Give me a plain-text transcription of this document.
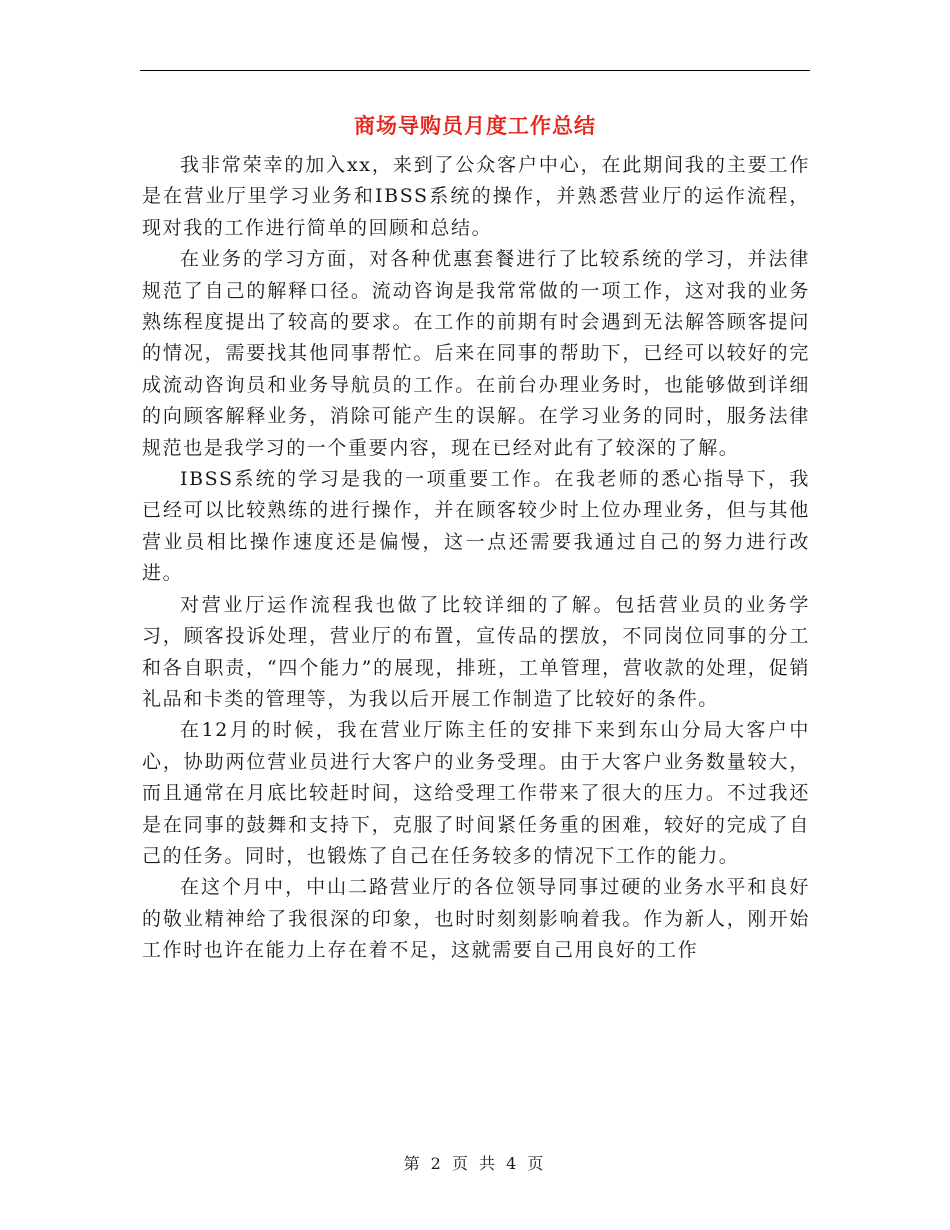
商场导购员月度工作总结

我非常荣幸的加入xx，来到了公众客户中心，在此期间我的主要工作是在营业厅里学习业务和IBSS系统的操作，并熟悉营业厅的运作流程，现对我的工作进行简单的回顾和总结。

在业务的学习方面，对各种优惠套餐进行了比较系统的学习，并法律规范了自己的解释口径。流动咨询是我常常做的一项工作，这对我的业务熟练程度提出了较高的要求。在工作的前期有时会遇到无法解答顾客提问的情况，需要找其他同事帮忙。后来在同事的帮助下，已经可以较好的完成流动咨询员和业务导航员的工作。在前台办理业务时，也能够做到详细的向顾客解释业务，消除可能产生的误解。在学习业务的同时，服务法律规范也是我学习的一个重要内容，现在已经对此有了较深的了解。

IBSS系统的学习是我的一项重要工作。在我老师的悉心指导下，我已经可以比较熟练的进行操作，并在顾客较少时上位办理业务，但与其他营业员相比操作速度还是偏慢，这一点还需要我通过自己的努力进行改进。

对营业厅运作流程我也做了比较详细的了解。包括营业员的业务学习，顾客投诉处理，营业厅的布置，宣传品的摆放，不同岗位同事的分工和各自职责，“四个能力”的展现，排班，工单管理，营收款的处理，促销礼品和卡类的管理等，为我以后开展工作制造了比较好的条件。

在12月的时候，我在营业厅陈主任的安排下来到东山分局大客户中心，协助两位营业员进行大客户的业务受理。由于大客户业务数量较大，而且通常在月底比较赶时间，这给受理工作带来了很大的压力。不过我还是在同事的鼓舞和支持下，克服了时间紧任务重的困难，较好的完成了自己的任务。同时，也锻炼了自己在任务较多的情况下工作的能力。

在这个月中，中山二路营业厅的各位领导同事过硬的业务水平和良好的敬业精神给了我很深的印象，也时时刻刻影响着我。作为新人，刚开始工作时也许在能力上存在着不足，这就需要自己用良好的工作

第 2 页 共 4 页
